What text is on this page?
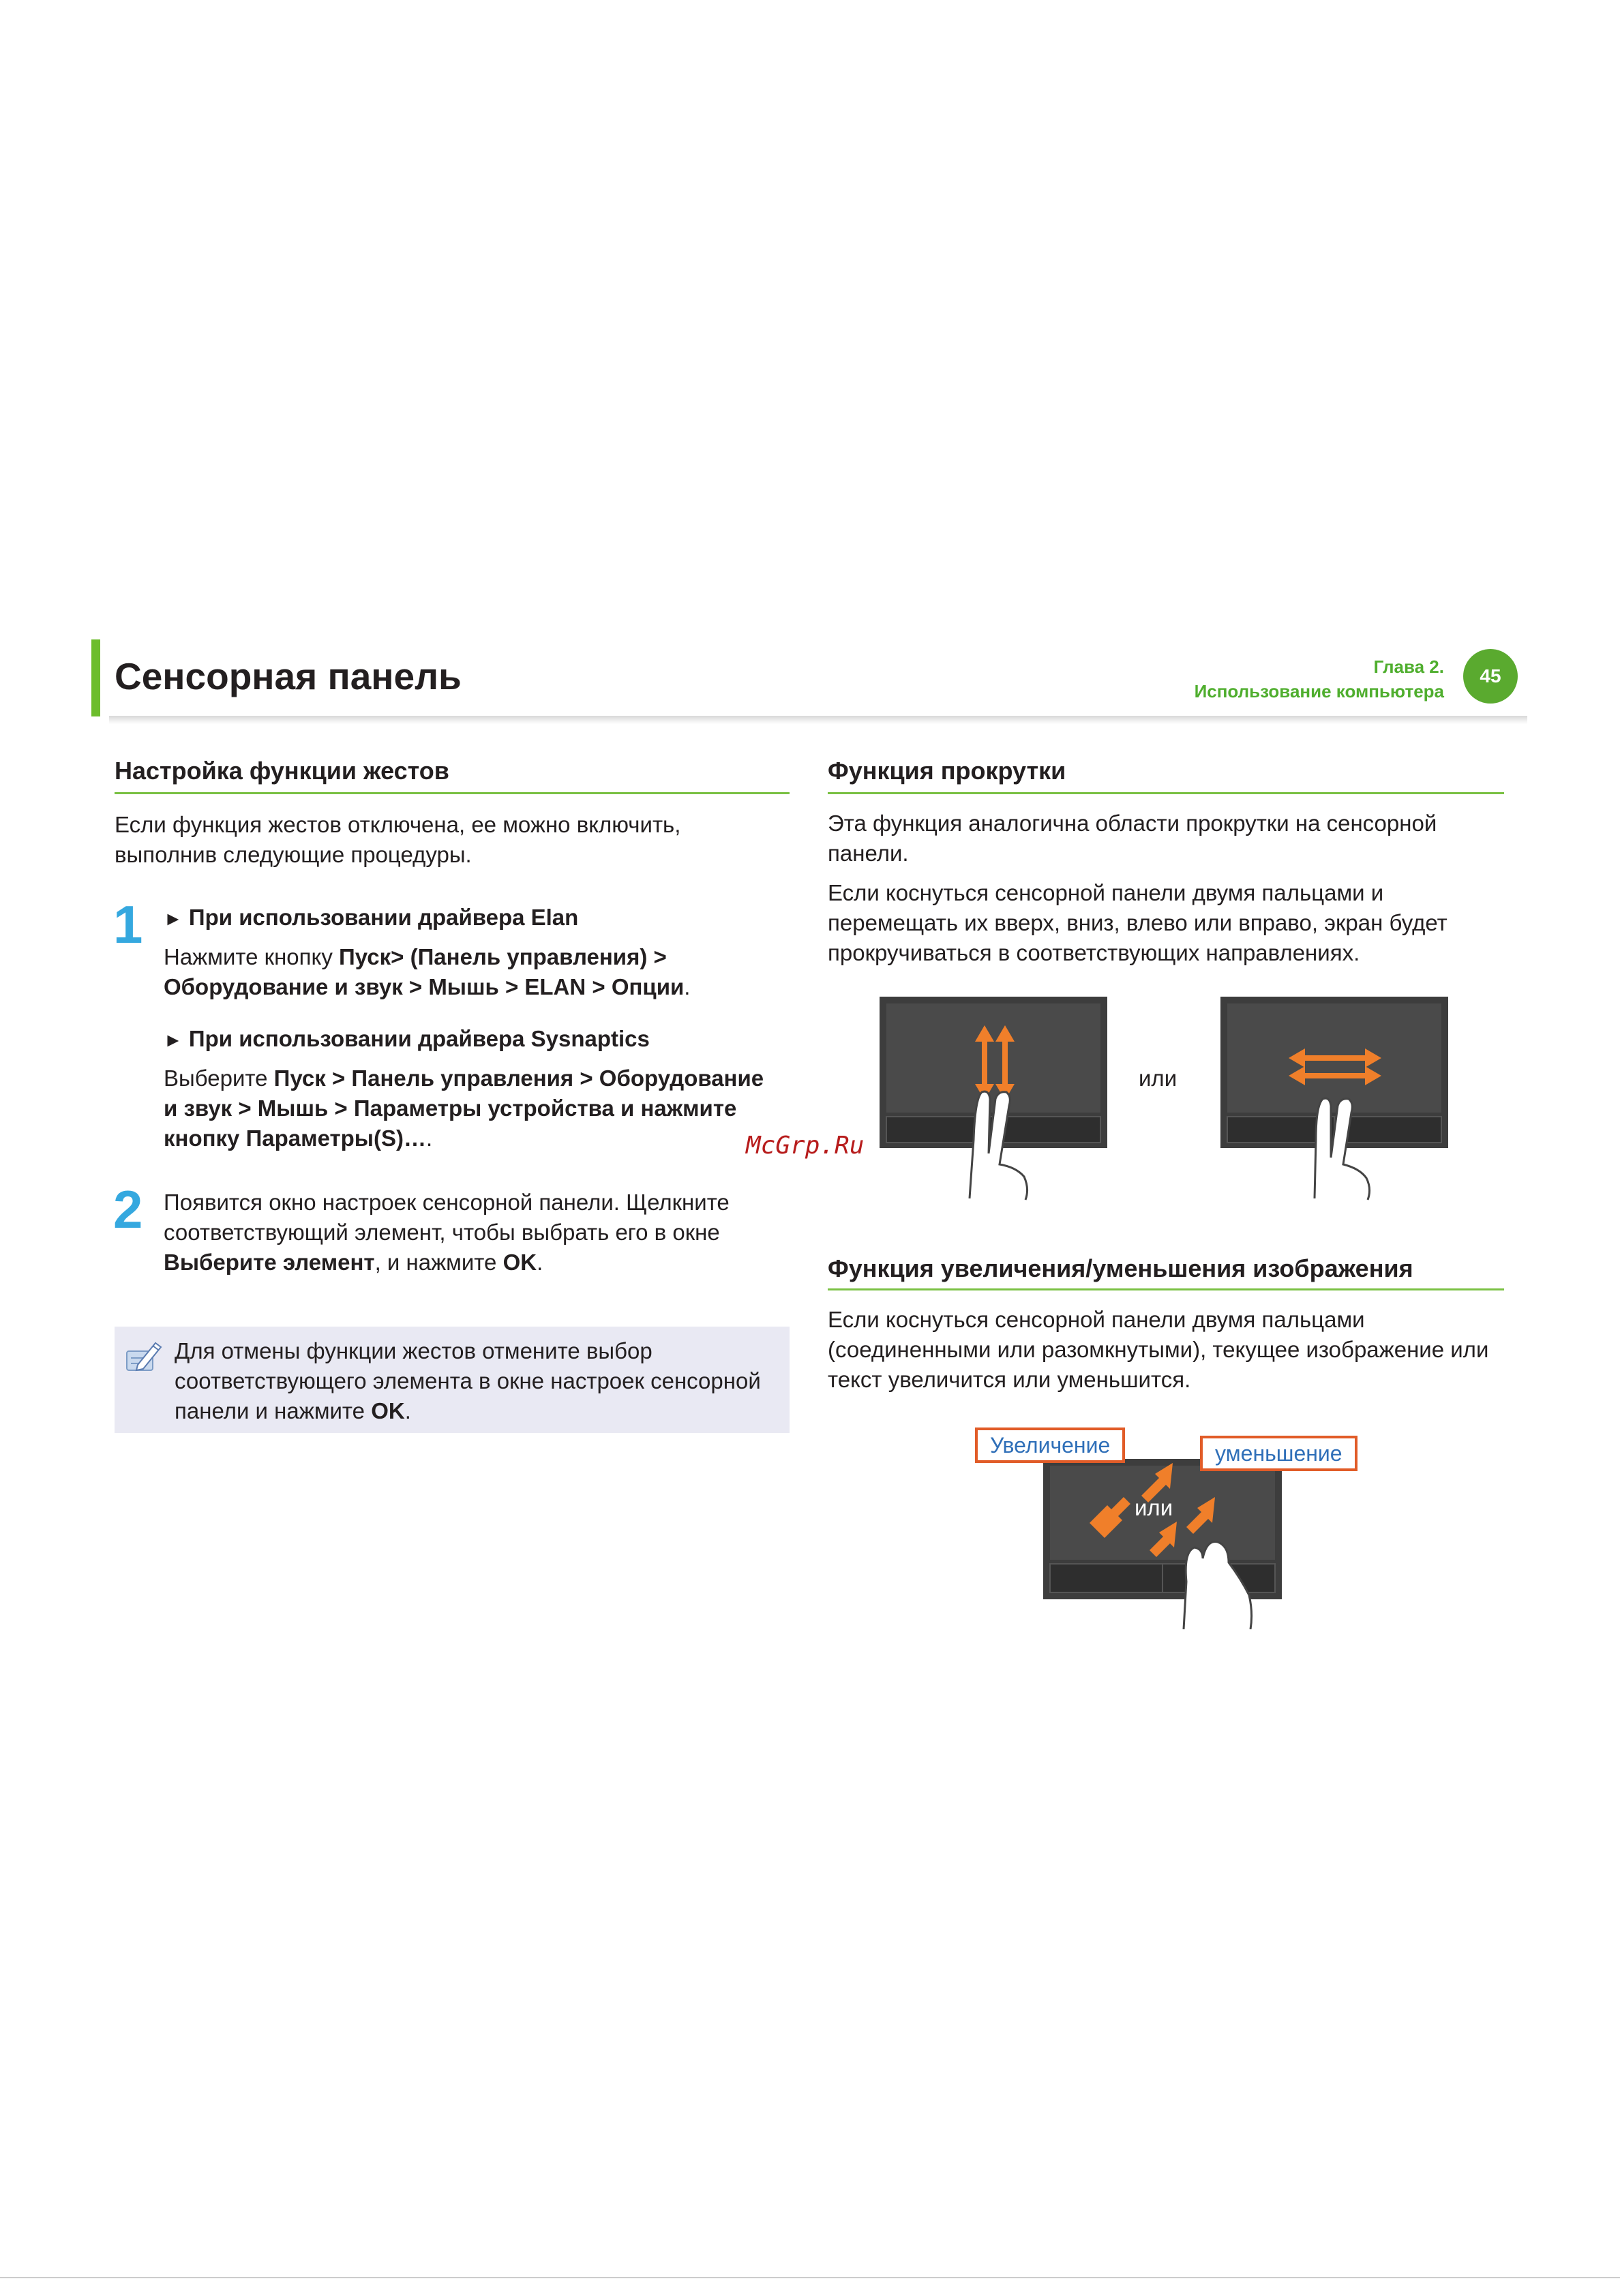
Сенсорная панель	Глава 2.
Использование компьютера
45
Настройка функции жестов
Если функция жестов отключена, ее можно включить,
выполнив следующие процедуры.
1 ► При использовании драйвера Elan
Нажмите кнопку Пуск> (Панель управления) >
Оборудование и звук > Мышь > ELAN > Опции.
► При использовании драйвера Sysnaptics
Выберите Пуск > Панель управления > Оборудование
и звук > Мышь > Параметры устройства и нажмите
кнопку Параметры(S)….
2 Появится окно настроек сенсорной панели. Щелкните
соответствующий элемент, чтобы выбрать его в окне
Выберите элемент, и нажмите OK.
Для отмены функции жестов отмените выбор
соответствующего элемента в окне настроек сенсорной
панели и нажмите OK.
Функция прокрутки
Эта функция аналогична области прокрутки на сенсорной
панели.
Если коснуться сенсорной панели двумя пальцами и
перемещать их вверх, вниз, влево или вправо, экран будет
прокручиваться в соответствующих направлениях.
или
Функция увеличения/уменьшения изображения
Если коснуться сенсорной панели двумя пальцами
(соединенными или разомкнутыми), текущее изображение или
текст увеличится или уменьшится.
Увеличение	уменьшение
или
McGrp.Ru
